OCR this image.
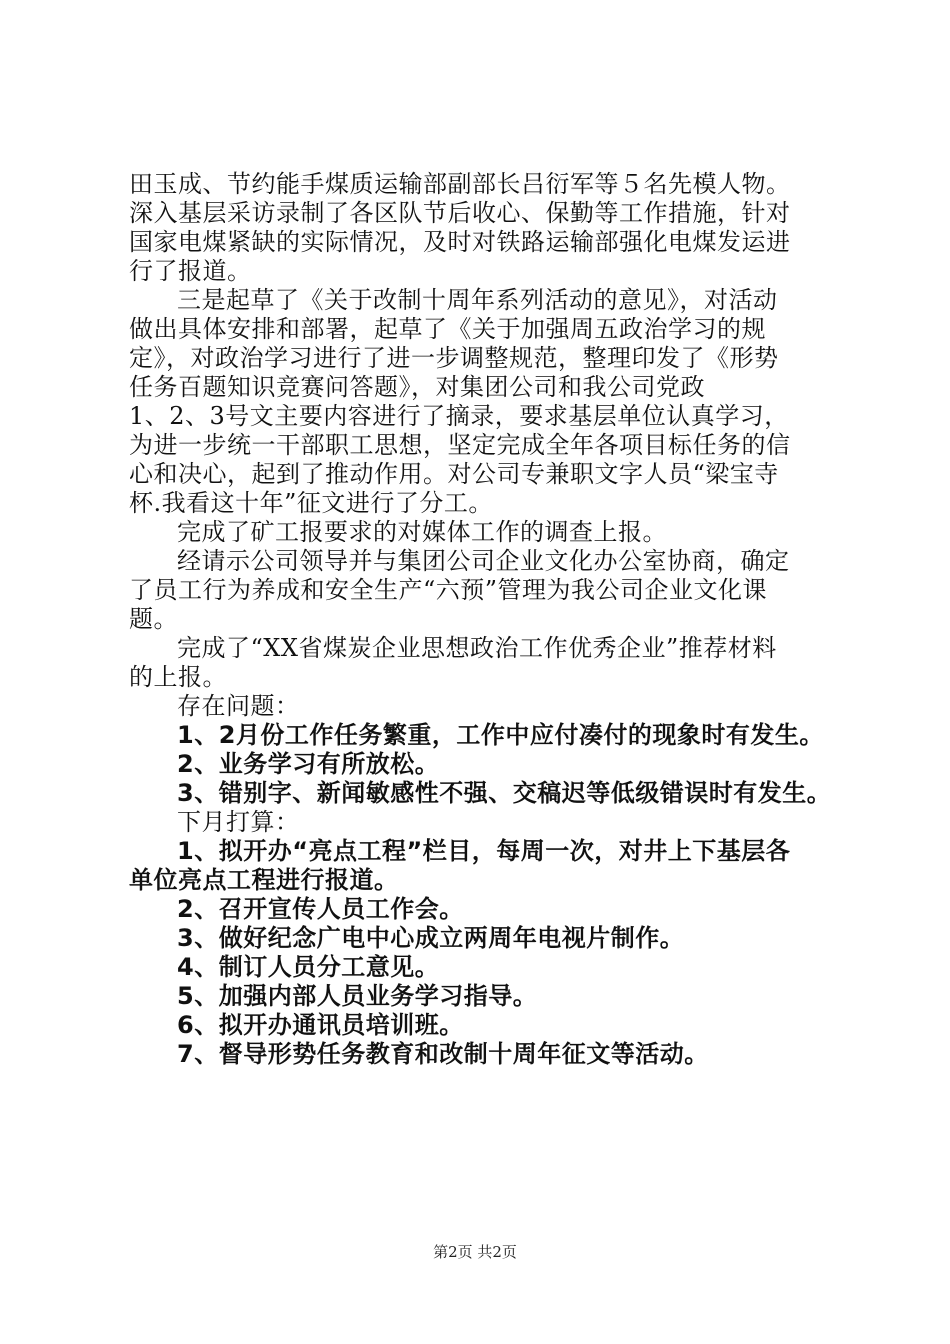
田玉成、节约能手煤质运输部副部长吕衍军等５名先模人物。
深入基层采访录制了各区队节后收心、保勤等工作措施，针对
国家电煤紧缺的实际情况，及时对铁路运输部强化电煤发运进
行了报道。
三是起草了《关于改制十周年系列活动的意见》，对活动
做出具体安排和部署，起草了《关于加强周五政治学习的规
定》，对政治学习进行了进一步调整规范，整理印发了《形势
任务百题知识竞赛问答题》，对集团公司和我公司党政
1、2、3号文主要内容进行了摘录，要求基层单位认真学习，
为进一步统一干部职工思想，坚定完成全年各项目标任务的信
心和决心，起到了推动作用。对公司专兼职文字人员“梁宝寺
杯.我看这十年”征文进行了分工。
完成了矿工报要求的对媒体工作的调查上报。
经请示公司领导并与集团公司企业文化办公室协商，确定
了员工行为养成和安全生产“六预”管理为我公司企业文化课
题。
完成了“XX省煤炭企业思想政治工作优秀企业”推荐材料
的上报。
存在问题：
1、2月份工作任务繁重，工作中应付凑付的现象时有发生。
2、业务学习有所放松。
3、错别字、新闻敏感性不强、交稿迟等低级错误时有发生。
下月打算：
1、拟开办“亮点工程”栏目，每周一次，对井上下基层各
单位亮点工程进行报道。
2、召开宣传人员工作会。
3、做好纪念广电中心成立两周年电视片制作。
4、制订人员分工意见。
5、加强内部人员业务学习指导。
6、拟开办通讯员培训班。
7、督导形势任务教育和改制十周年征文等活动。
第2页 共2页
